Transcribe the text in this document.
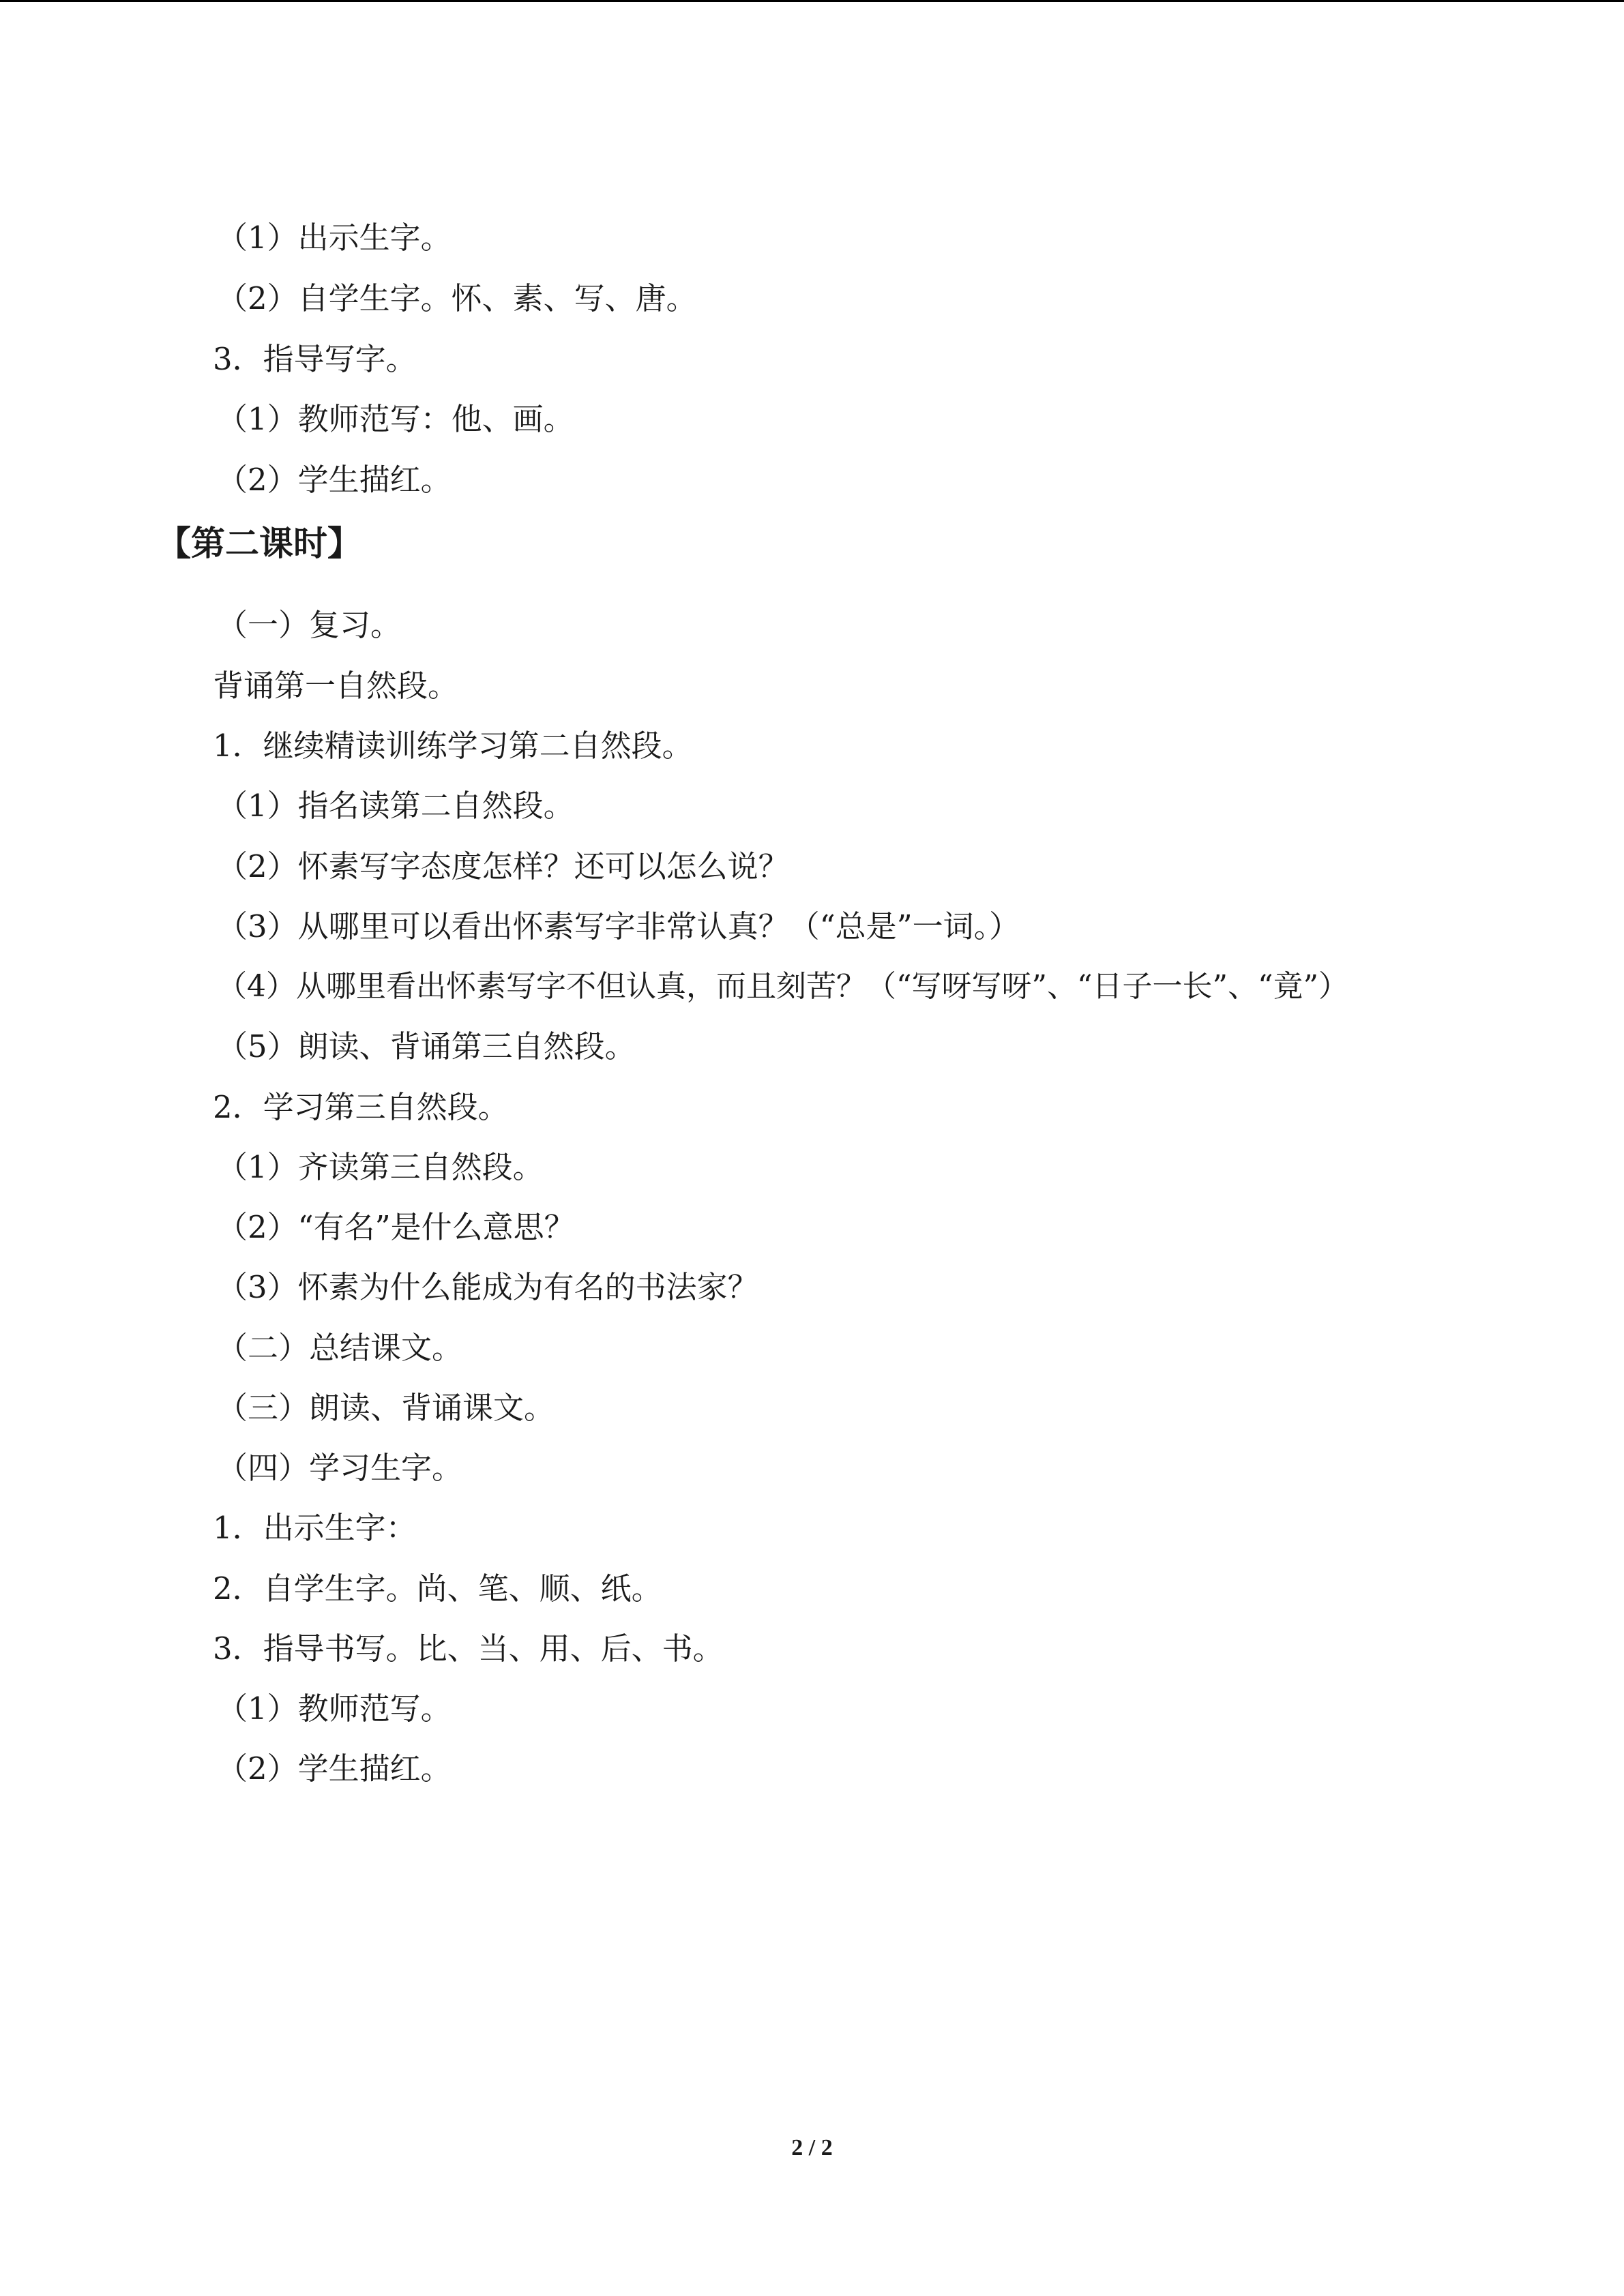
（1）出示生字。
（2）自学生字。怀、素、写、唐。
3．指导写字。
（1）教师范写：他、画。
（2）学生描红。
【第二课时】
（一）复习。
背诵第一自然段。
1．继续精读训练学习第二自然段。
（1）指名读第二自然段。
（2）怀素写字态度怎样？还可以怎么说？
（3）从哪里可以看出怀素写字非常认真？（“总是”一词。）
（4）从哪里看出怀素写字不但认真，而且刻苦？（“写呀写呀”、“日子一长”、“竟”）
（5）朗读、背诵第三自然段。
2．学习第三自然段。
（1）齐读第三自然段。
（2）“有名”是什么意思？
（3）怀素为什么能成为有名的书法家？
（二）总结课文。
（三）朗读、背诵课文。
（四）学习生字。
1．出示生字：
2．自学生字。尚、笔、顺、纸。
3．指导书写。比、当、用、后、书。
（1）教师范写。
（2）学生描红。
2 / 2
